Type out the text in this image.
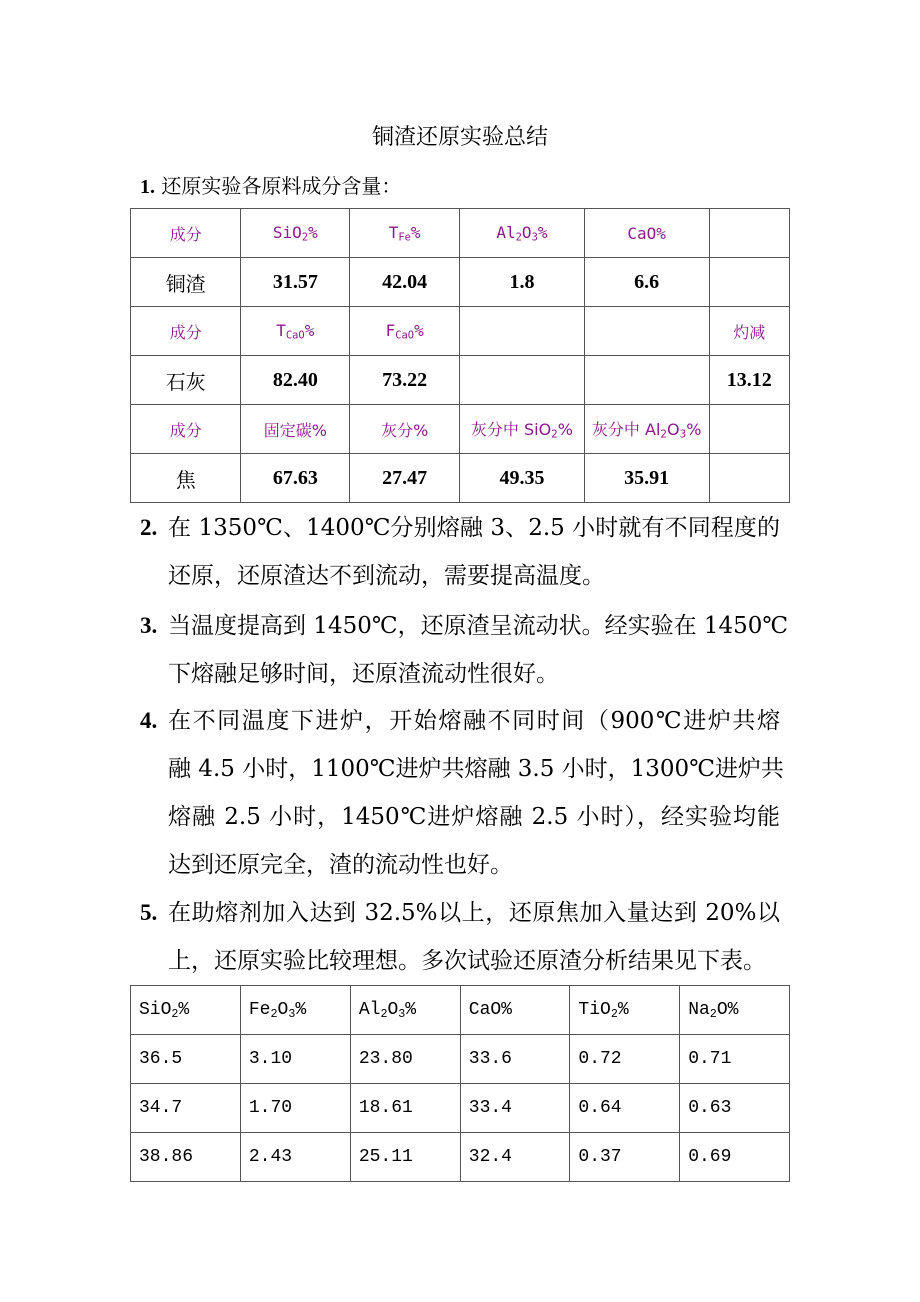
铜渣还原实验总结
1. 还原实验各原料成分含量：
成分	SiO$_2$%	$T_{Fe}\%$	$Al_2O_3\%$	CaO%	
铜渣	31.57	42.04	1.8	6.6	
成分	$T_{CaO}\%$	$F_{CaO}\%$			灼减
石灰	82.40	73.22			13.12
成分	固定碳%	灰分%	灰分中 SiO$_2$%	灰分中 $Al_2O_3\%$	
焦	67.63	27.47	49.35	35.91	
2. 在 1350℃、1400℃分别熔融 3、2.5 小时就有不同程度的
还原，还原渣达不到流动，需要提高温度。
3. 当温度提高到 1450℃，还原渣呈流动状。经实验在 1450℃
下熔融足够时间，还原渣流动性很好。
4. 在不同温度下进炉，开始熔融不同时间（900℃进炉共熔
融 4.5 小时，1100℃进炉共熔融 3.5 小时，1300℃进炉共
熔融 2.5 小时，1450℃进炉熔融 2.5 小时），经实验均能
达到还原完全，渣的流动性也好。
5. 在助熔剂加入达到 32.5%以上，还原焦加入量达到 20%以
上，还原实验比较理想。多次试验还原渣分析结果见下表。
SiO$_2$%	$Fe_2O_3\%$	$Al_2O_3\%$	CaO%	TiO$_2$%	$Na_2O\%$
36.5	3.10	23.80	33.6	0.72	0.71
34.7	1.70	18.61	33.4	0.64	0.63
38.86	2.43	25.11	32.4	0.37	0.69
